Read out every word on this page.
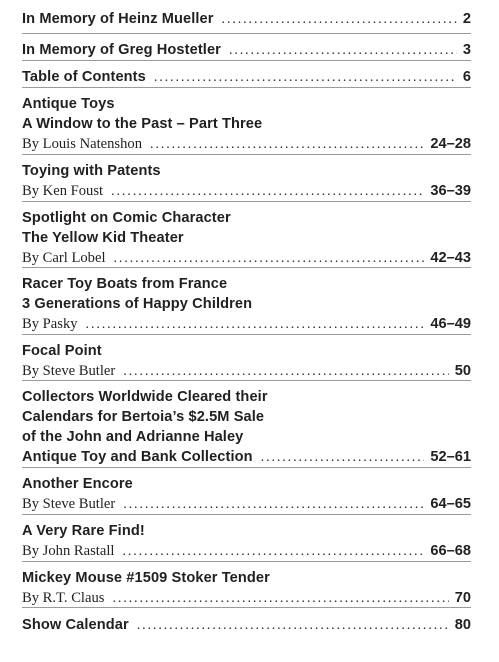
In Memory of Heinz Mueller . . .	2
In Memory of Greg Hostetler . . .	3
Table of Contents . . .	6
Antique Toys
A Window to the Past – Part Three
By Louis Natenshon . . .	24–28
Toying with Patents
By Ken Foust . . .	36–39
Spotlight on Comic Character
The Yellow Kid Theater
By Carl Lobel . . .	42–43
Racer Toy Boats from France
3 Generations of Happy Children
By Pasky . . .	46–49
Focal Point
By Steve Butler . . .	50
Collectors Worldwide Cleared their
Calendars for Bertoia’s $2.5M Sale
of the John and Adrianne Haley
Antique Toy and Bank Collection . . .	52–61
Another Encore
By Steve Butler . . .	64–65
A Very Rare Find!
By John Rastall . . .	66–68
Mickey Mouse #1509 Stoker Tender
By R.T. Claus . . .	70
Show Calendar . . .	80
